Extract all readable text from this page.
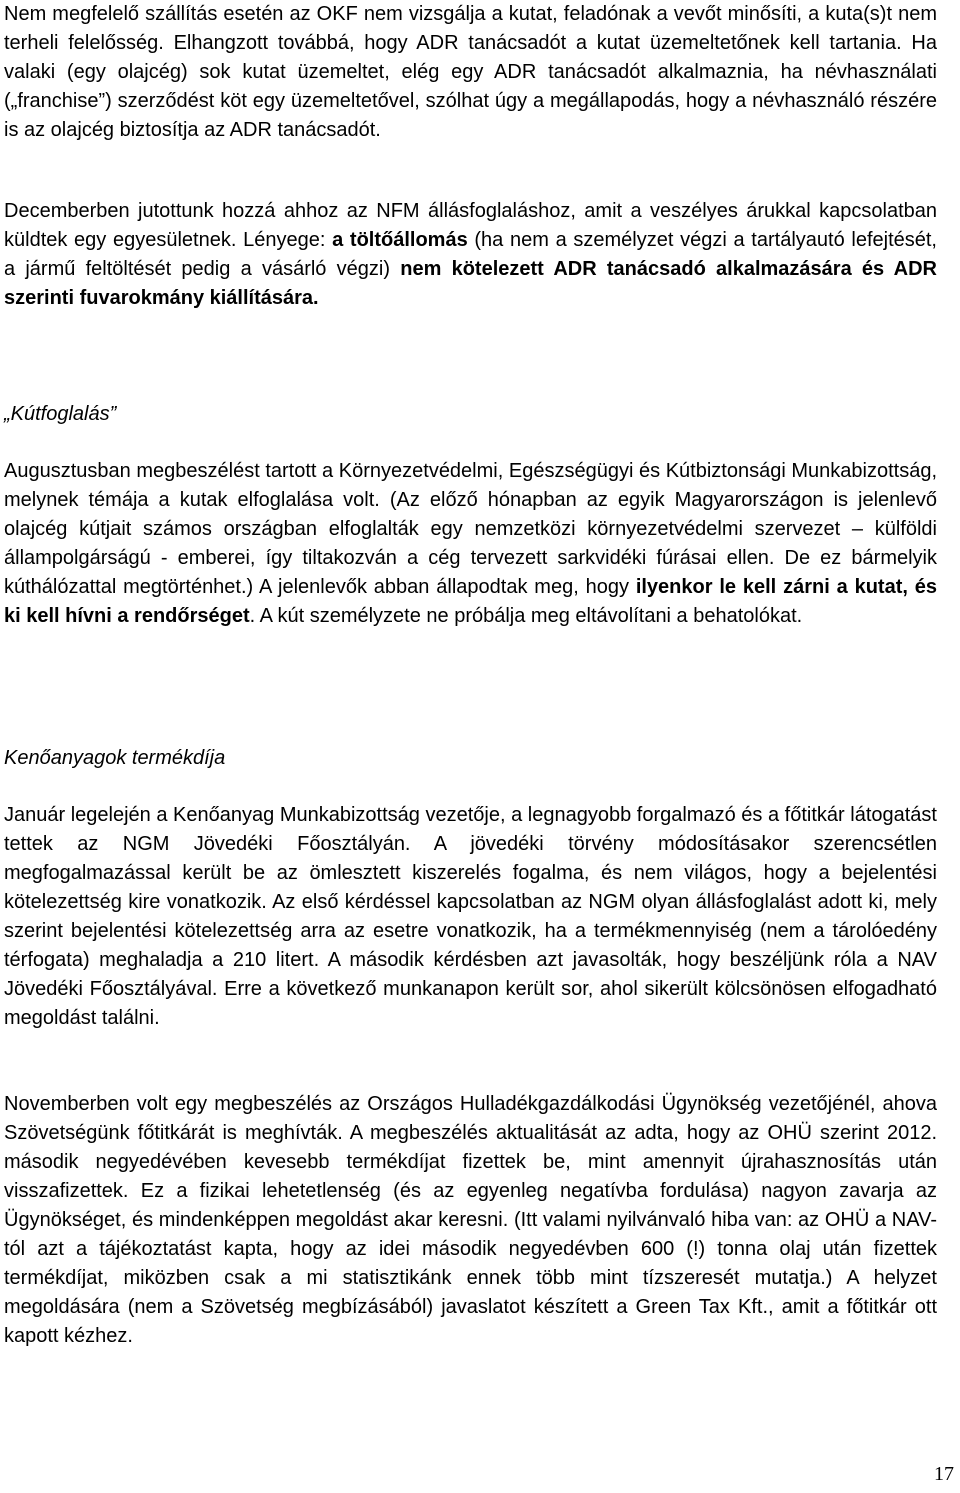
Nem megfelelő szállítás esetén az OKF nem vizsgálja a kutat, feladónak a vevőt minősíti, a kuta(s)t nem terheli felelősség. Elhangzott továbbá, hogy ADR tanácsadót a kutat üzemeltetőnek kell tartania. Ha valaki (egy olajcég) sok kutat üzemeltet, elég egy ADR tanácsadót alkalmaznia, ha névhasználati („franchise”) szerződést köt egy üzemeltetővel, szólhat úgy a megállapodás, hogy a névhasználó részére is az olajcég biztosítja az ADR tanácsadót.

Decemberben jutottunk hozzá ahhoz az NFM állásfoglaláshoz, amit a veszélyes árukkal kapcsolatban küldtek egy egyesületnek. Lényege: a töltőállomás (ha nem a személyzet végzi a tartályautó lefejtését, a jármű feltöltését pedig a vásárló végzi) nem kötelezett ADR tanácsadó alkalmazására és ADR szerinti fuvarokmány kiállítására.

„Kútfoglalás”

Augusztusban megbeszélést tartott a Környezetvédelmi, Egészségügyi és Kútbiztonsági Munkabizottság, melynek témája a kutak elfoglalása volt. (Az előző hónapban az egyik Magyarországon is jelenlevő olajcég kútjait számos országban elfoglalták egy nemzetközi környezetvédelmi szervezet – külföldi állampolgárságú - emberei, így tiltakozván a cég tervezett sarkvidéki fúrásai ellen. De ez bármelyik kúthálózattal megtörténhet.) A jelenlevők abban állapodtak meg, hogy ilyenkor le kell zárni a kutat, és ki kell hívni a rendőrséget. A kút személyzete ne próbálja meg eltávolítani a behatolókat.

Kenőanyagok termékdíja

Január legelején a Kenőanyag Munkabizottság vezetője, a legnagyobb forgalmazó és a főtitkár látogatást tettek az NGM Jövedéki Főosztályán. A jövedéki törvény módosításakor szerencsétlen megfogalmazással került be az ömlesztett kiszerelés fogalma, és nem világos, hogy a bejelentési kötelezettség kire vonatkozik. Az első kérdéssel kapcsolatban az NGM olyan állásfoglalást adott ki, mely szerint bejelentési kötelezettség arra az esetre vonatkozik, ha a termékmennyiség (nem a tárolóedény térfogata) meghaladja a 210 litert. A második kérdésben azt javasolták, hogy beszéljünk róla a NAV Jövedéki Főosztályával. Erre a következő munkanapon került sor, ahol sikerült kölcsönösen elfogadható megoldást találni.

Novemberben volt egy megbeszélés az Országos Hulladékgazdálkodási Ügynökség vezetőjénél, ahova Szövetségünk főtitkárát is meghívták. A megbeszélés aktualitását az adta, hogy az OHÜ szerint 2012. második negyedévében kevesebb termékdíjat fizettek be, mint amennyit újrahasznosítás után visszafizettek. Ez a fizikai lehetetlenség (és az egyenleg negatívba fordulása) nagyon zavarja az Ügynökséget, és mindenképpen megoldást akar keresni. (Itt valami nyilvánvaló hiba van: az OHÜ a NAV-tól azt a tájékoztatást kapta, hogy az idei második negyedévben 600 (!) tonna olaj után fizettek termékdíjat, miközben csak a mi statisztikánk ennek több mint tízszeresét mutatja.) A helyzet megoldására (nem a Szövetség megbízásából) javaslatot készített a Green Tax Kft., amit a főtitkár ott kapott kézhez.

17
